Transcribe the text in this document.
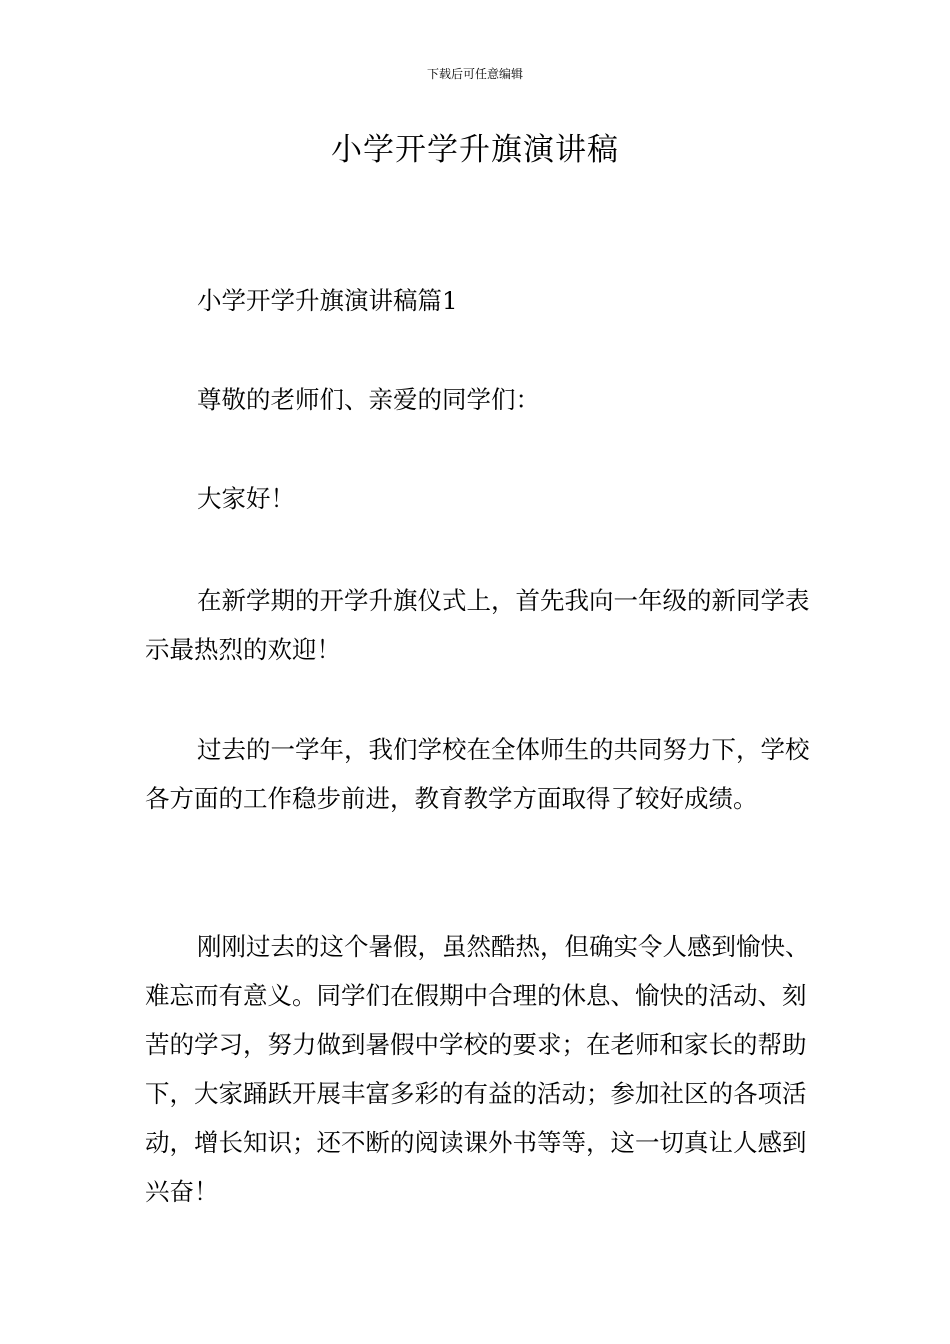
下载后可任意编辑
小学开学升旗演讲稿

小学开学升旗演讲稿篇1

尊敬的老师们、亲爱的同学们：

大家好！

在新学期的开学升旗仪式上，首先我向一年级的新同学表示最热烈的欢迎！

过去的一学年，我们学校在全体师生的共同努力下，学校各方面的工作稳步前进，教育教学方面取得了较好成绩。

刚刚过去的这个暑假，虽然酷热，但确实令人感到愉快、难忘而有意义。同学们在假期中合理的休息、愉快的活动、刻苦的学习，努力做到暑假中学校的要求；在老师和家长的帮助下，大家踊跃开展丰富多彩的有益的活动；参加社区的各项活动，增长知识；还不断的阅读课外书等等，这一切真让人感到兴奋！
